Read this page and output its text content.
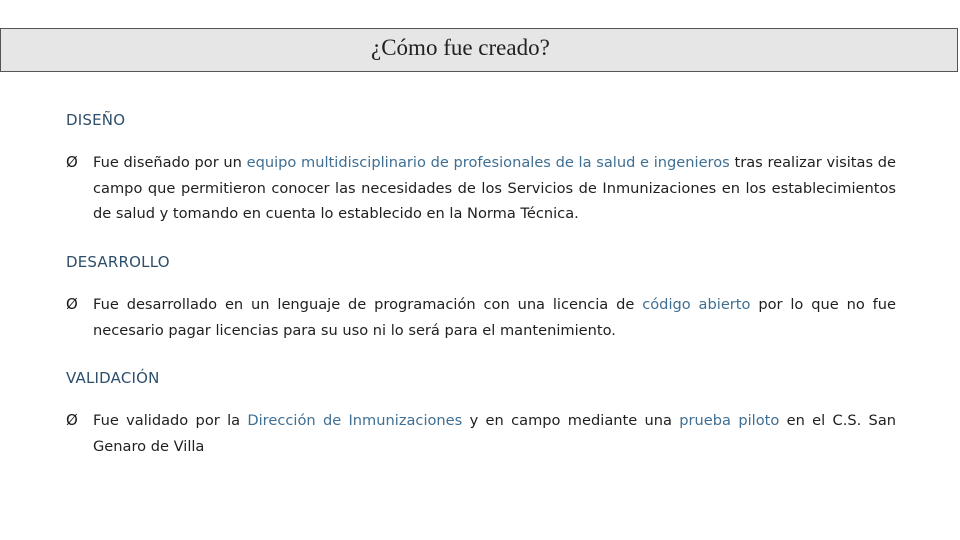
¿Cómo fue creado?
DISEÑO
Ø Fue diseñado por un equipo multidisciplinario de profesionales de la salud e ingenieros tras realizar visitas de campo que permitieron conocer las necesidades de los Servicios de Inmunizaciones en los establecimientos de salud y tomando en cuenta lo establecido en la Norma Técnica.
DESARROLLO
Ø Fue desarrollado en un lenguaje de programación con una licencia de código abierto por lo que no fue necesario pagar licencias para su uso ni lo será para el mantenimiento.
VALIDACIÓN
Ø Fue validado por la Dirección de Inmunizaciones y en campo mediante una prueba piloto en el C.S. San Genaro de Villa
